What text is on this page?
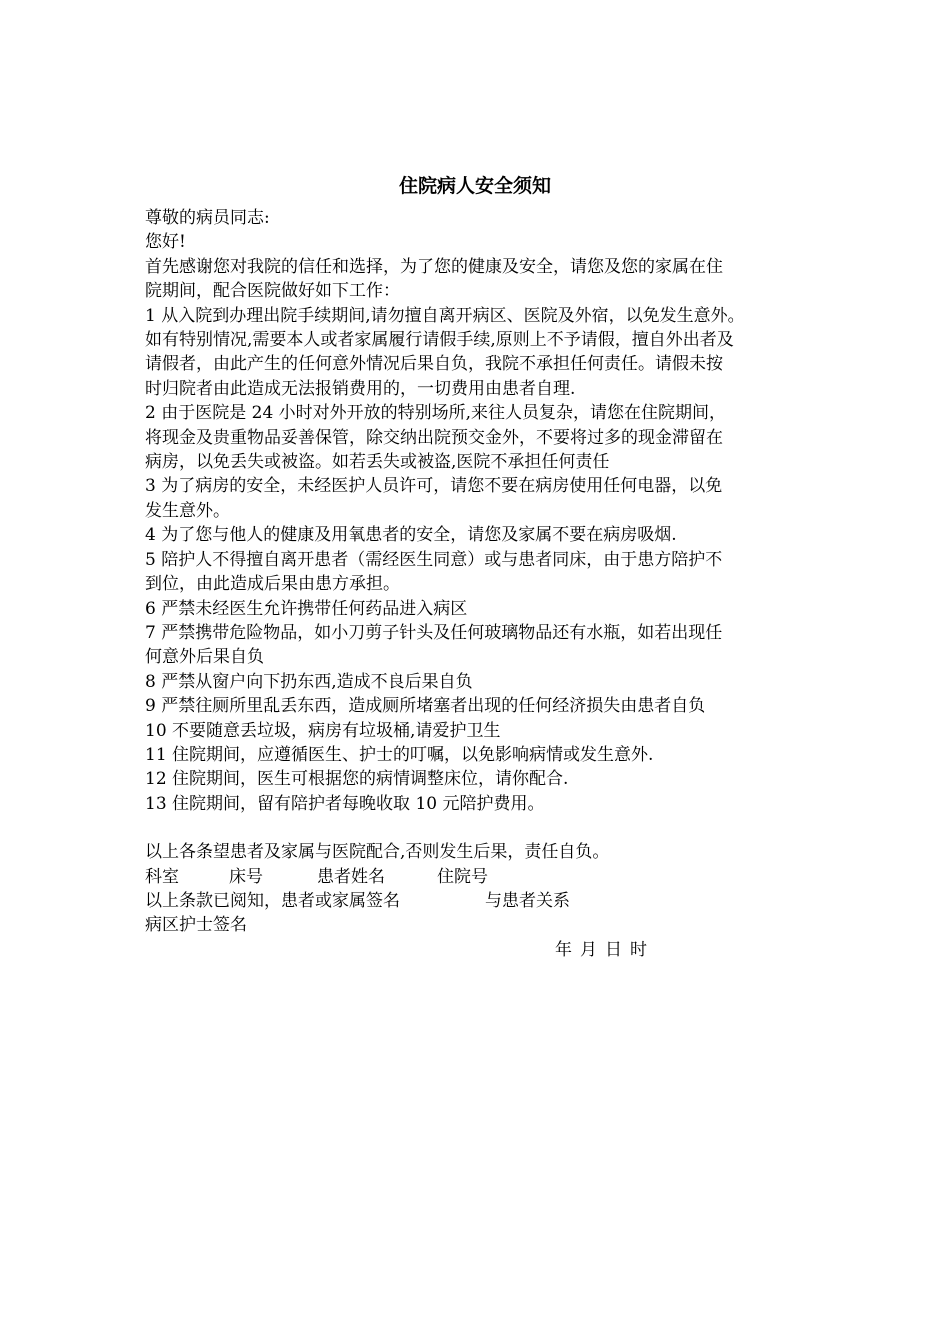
住院病人安全须知
尊敬的病员同志:
您好!
首先感谢您对我院的信任和选择，为了您的健康及安全，请您及您的家属在住
院期间，配合医院做好如下工作：
1 从入院到办理出院手续期间,请勿擅自离开病区、医院及外宿，以免发生意外。
如有特别情况,需要本人或者家属履行请假手续,原则上不予请假，擅自外出者及
请假者，由此产生的任何意外情况后果自负，我院不承担任何责任。请假未按
时归院者由此造成无法报销费用的，一切费用由患者自理.
2 由于医院是 24 小时对外开放的特别场所,来往人员复杂，请您在住院期间，
将现金及贵重物品妥善保管，除交纳出院预交金外，不要将过多的现金滞留在
病房，以免丢失或被盗。如若丢失或被盗,医院不承担任何责任
3 为了病房的安全，未经医护人员许可，请您不要在病房使用任何电器，以免
发生意外。
4 为了您与他人的健康及用氧患者的安全，请您及家属不要在病房吸烟.
5 陪护人不得擅自离开患者（需经医生同意）或与患者同床，由于患方陪护不
到位，由此造成后果由患方承担。
6 严禁未经医生允许携带任何药品进入病区
7 严禁携带危险物品，如小刀剪子针头及任何玻璃物品还有水瓶，如若出现任
何意外后果自负
8 严禁从窗户向下扔东西,造成不良后果自负
9 严禁往厕所里乱丢东西，造成厕所堵塞者出现的任何经济损失由患者自负
10 不要随意丢垃圾，病房有垃圾桶,请爱护卫生
11 住院期间，应遵循医生、护士的叮嘱，以免影响病情或发生意外.
12 住院期间，医生可根据您的病情调整床位，请你配合.
13 住院期间，留有陪护者每晚收取 10 元陪护费用。
以上各条望患者及家属与医院配合,否则发生后果，责任自负。
科室	床号	患者姓名	住院号
以上条款已阅知，患者或家属签名	与患者关系
病区护士签名
年 月 日 时
